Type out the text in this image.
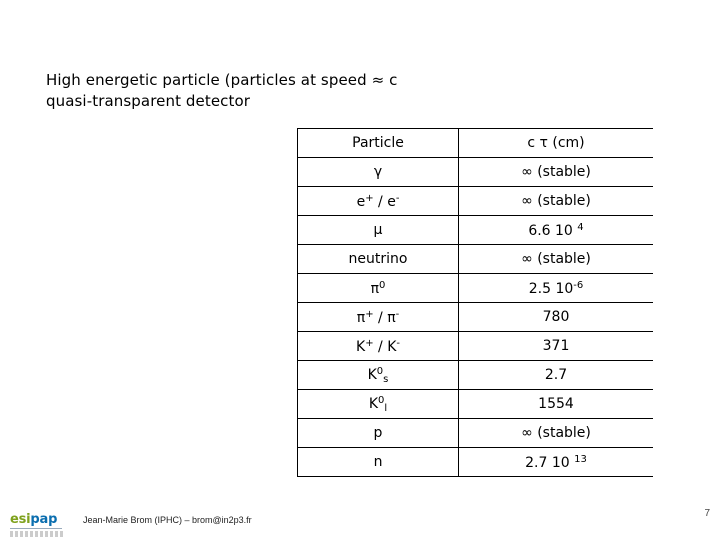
High energetic particle (particles at speed ≈ c
quasi-transparent detector
Particle	c τ (cm)
γ	∞ (stable)
e+ / e-	∞ (stable)
μ	6.6 10 $^4$
neutrino	∞ (stable)
$\pi^0$	2.5 $10^{-6}$
π+ / π-	780
K+ / K-	371
$K^0_s$	2.7
$K^0_l$	1554
p	∞ (stable)
n	2.7 10 $^{13}$
esipap	Jean-Marie Brom (IPHC) – brom@in2p3.fr
7
